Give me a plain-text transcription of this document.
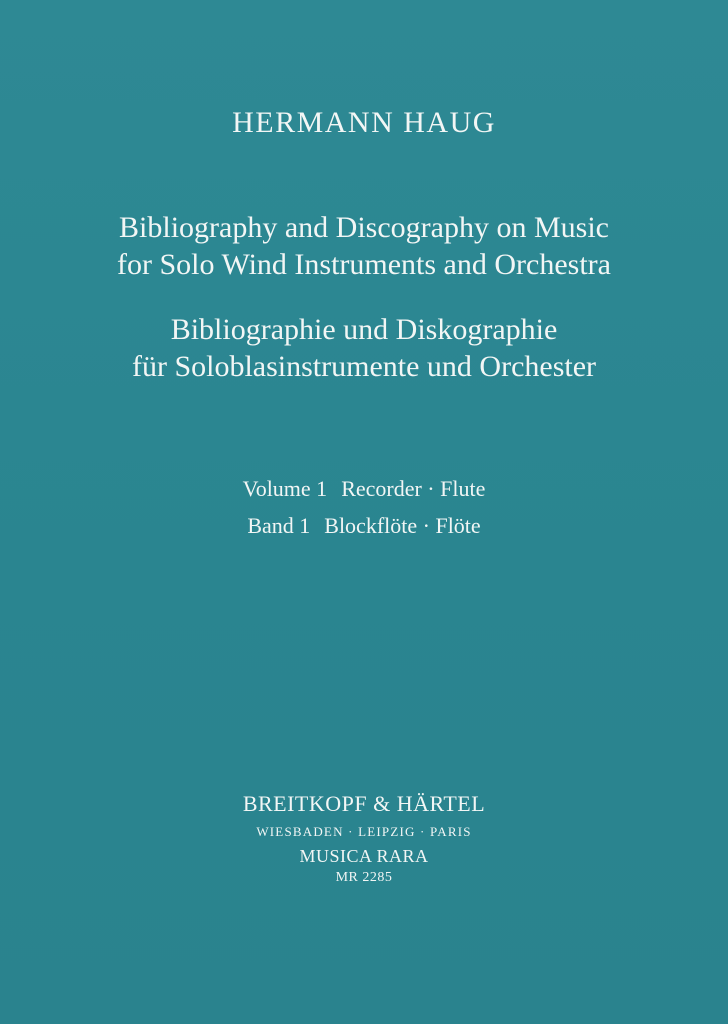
HERMANN HAUG
Bibliography and Discography on Music
for Solo Wind Instruments and Orchestra
Bibliographie und Diskographie
für Soloblasinstrumente und Orchester
Volume 1 Recorder · Flute
Band 1 Blockflöte · Flöte
BREITKOPF & HÄRTEL
WIESBADEN · LEIPZIG · PARIS
MUSICA RARA
MR 2285
